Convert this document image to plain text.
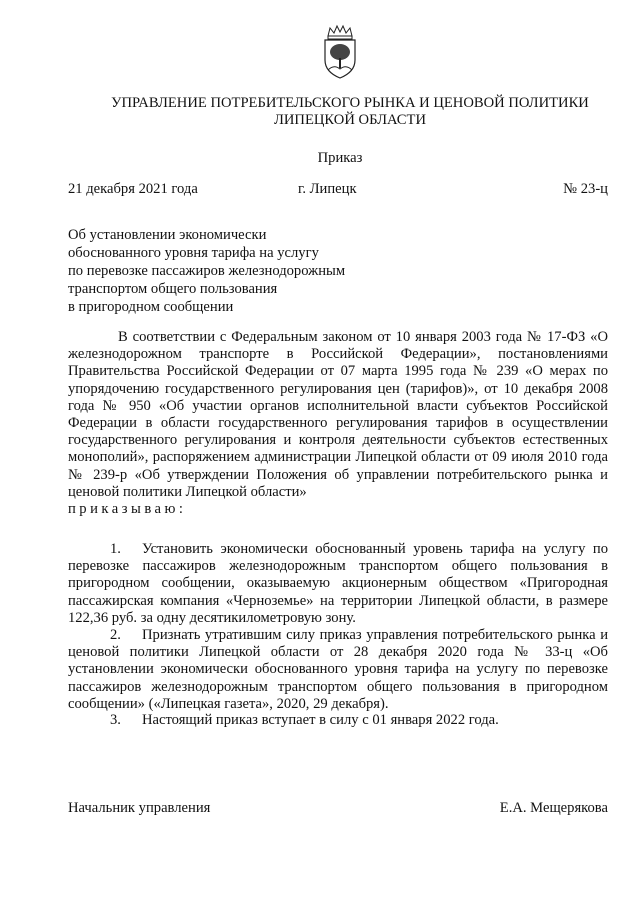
УПРАВЛЕНИЕ ПОТРЕБИТЕЛЬСКОГО РЫНКА И ЦЕНОВОЙ ПОЛИТИКИ
ЛИПЕЦКОЙ ОБЛАСТИ
Приказ
21 декабря 2021 года	г. Липецк	№ 23-ц
Об установлении экономически
обоснованного уровня тарифа на услугу
по перевозке пассажиров железнодорожным
транспортом общего пользования
в пригородном сообщении
В соответствии с Федеральным законом от 10 января 2003 года № 17-ФЗ «О железнодорожном транспорте в Российской Федерации», постановлениями Правительства Российской Федерации от 07 марта 1995 года № 239 «О мерах по упорядочению государственного регулирования цен (тарифов)», от 10 декабря 2008 года № 950 «Об участии органов исполнительной власти субъектов Российской Федерации в области государственного регулирования тарифов в осуществлении государственного регулирования и контроля деятельности субъектов естественных монополий», распоряжением администрации Липецкой области от 09 июля 2010 года № 239-р «Об утверждении Положения об управлении потребительского рынка и ценовой политики Липецкой области»
приказываю:
1. Установить экономически обоснованный уровень тарифа на услугу по перевозке пассажиров железнодорожным транспортом общего пользования в пригородном сообщении, оказываемую акционерным обществом «Пригородная пассажирская компания «Черноземье» на территории Липецкой области, в размере 122,36 руб. за одну десятикилометровую зону.
2. Признать утратившим силу приказ управления потребительского рынка и ценовой политики Липецкой области от 28 декабря 2020 года № 33-ц «Об установлении экономически обоснованного уровня тарифа на услугу по перевозке пассажиров железнодорожным транспортом общего пользования в пригородном сообщении» («Липецкая газета», 2020, 29 декабря).
3. Настоящий приказ вступает в силу с 01 января 2022 года.
Начальник управления	Е.А. Мещерякова
